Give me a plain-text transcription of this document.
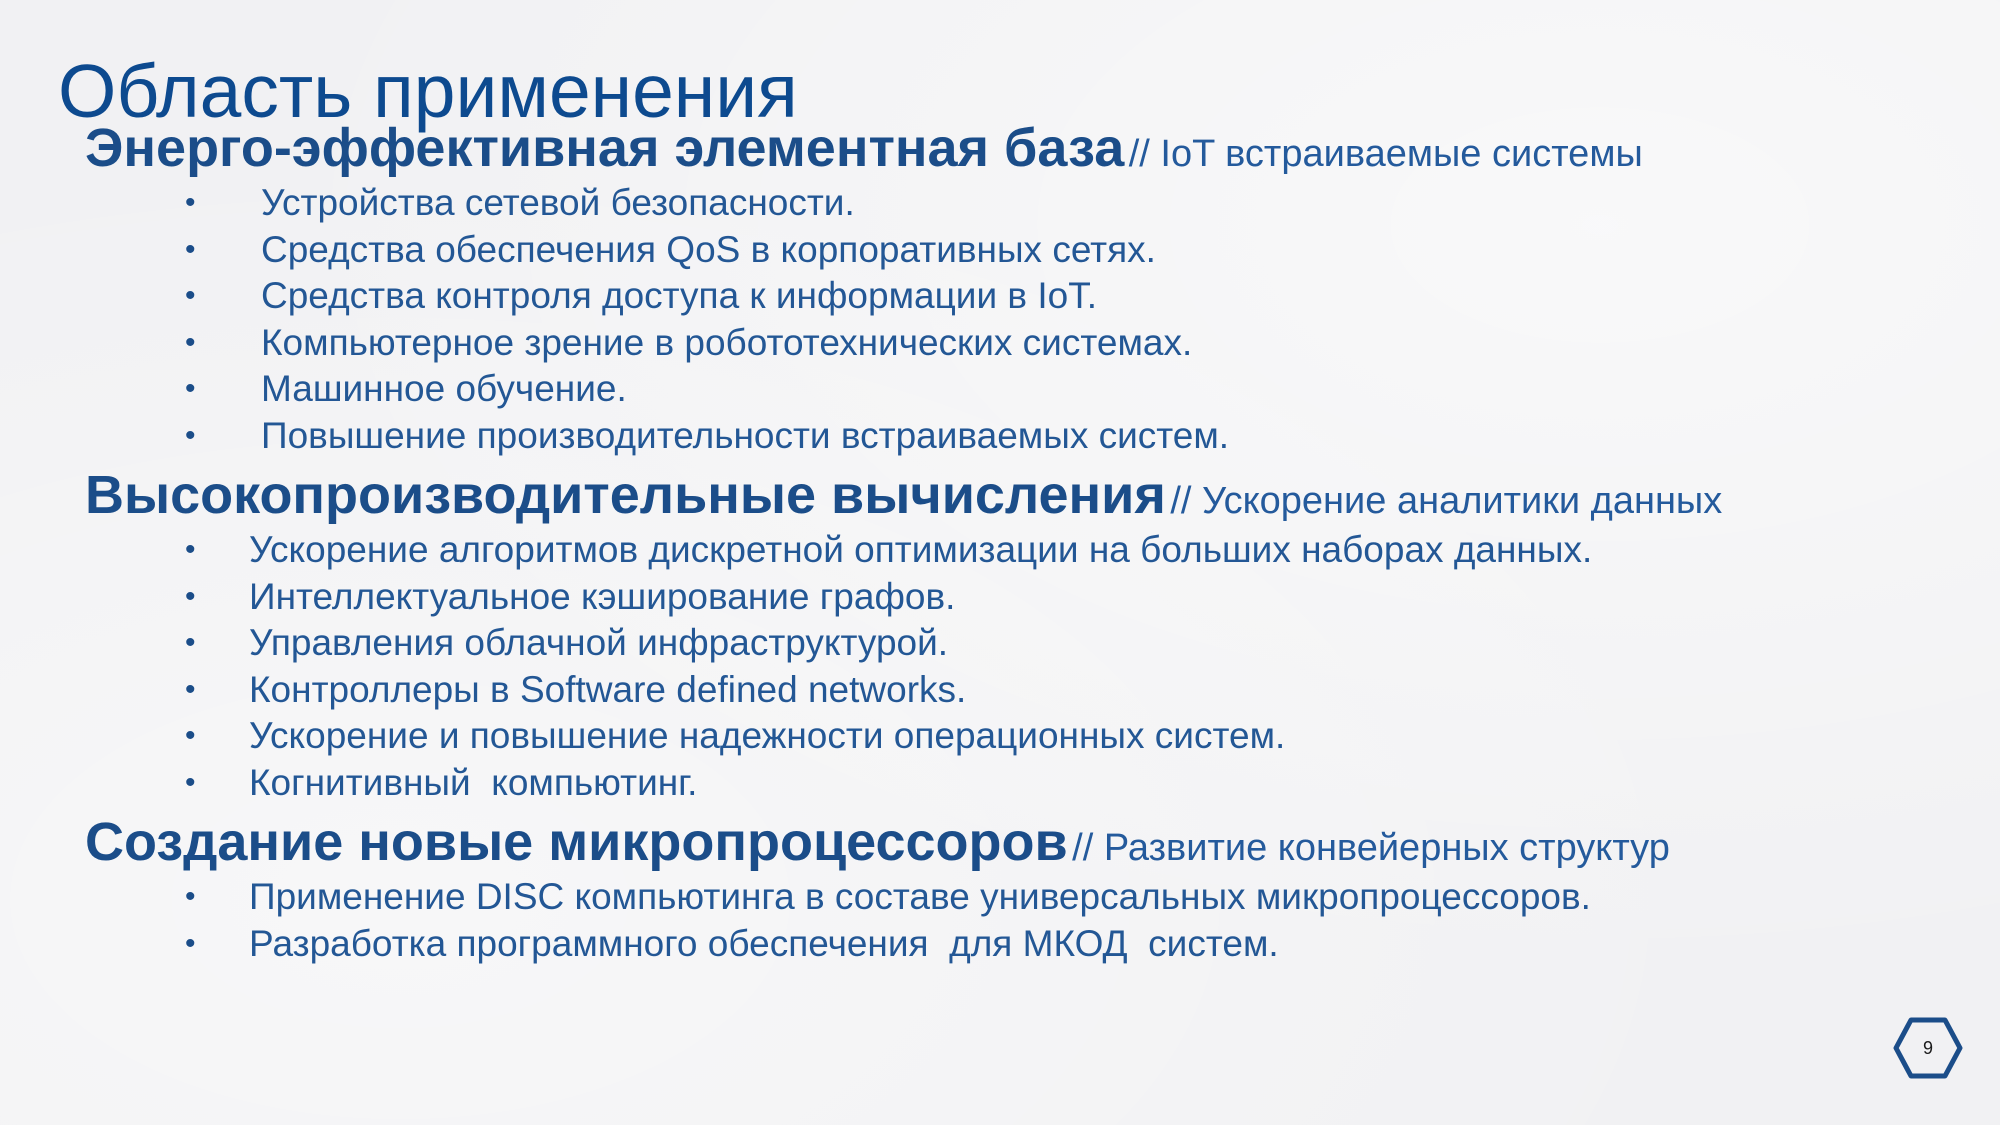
Область применения
Энерго-эффективная элементная база // IoT встраиваемые системы
• Устройства сетевой безопасности.
• Средства обеспечения QoS в корпоративных сетях.
• Средства контроля доступа к информации в IoT.
• Компьютерное зрение в робототехнических системах.
• Машинное обучение.
• Повышение производительности встраиваемых систем.
Высокопроизводительные вычисления // Ускорение аналитики данных
• Ускорение алгоритмов дискретной оптимизации на больших наборах данных.
• Интеллектуальное кэширование графов.
• Управления облачной инфраструктурой.
• Контроллеры в Software defined networks.
• Ускорение и повышение надежности операционных систем.
• Когнитивный  компьютинг.
Создание новые микропроцессоров // Развитие конвейерных структур
• Применение DISC компьютинга в составе универсальных микропроцессоров.
• Разработка программного обеспечения  для МКОД  систем.
9
